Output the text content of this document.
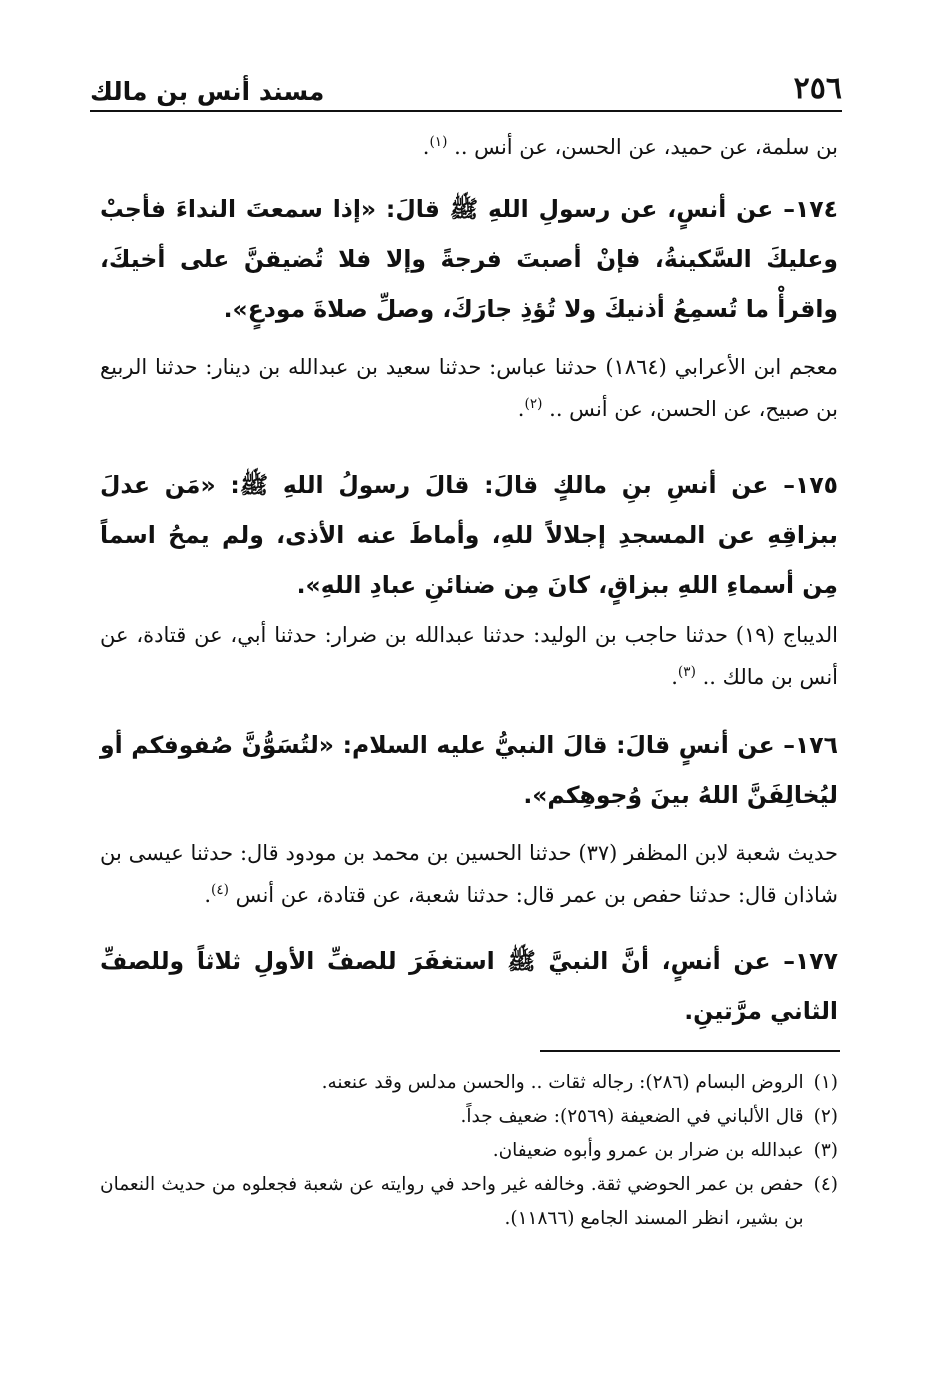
٢٥٦
مسند أنس بن مالك
بن سلمة، عن حميد، عن الحسن، عن أنس .. $^{(١)}$.
١٧٤– عن أنسٍ، عن رسولِ اللهِ ﷺ قالَ: «إذا سمعتَ النداءَ فأجبْ وعليكَ السَّكينةُ، فإنْ أصبتَ فرجةً وإلا فلا تُضيقنَّ على أخيكَ، واقرأْ ما تُسمِعُ أذنيكَ ولا تُؤذِ جارَكَ، وصلِّ صلاةَ مودعٍ».
معجم ابن الأعرابي (١٨٦٤) حدثنا عباس: حدثنا سعيد بن عبدالله بن دينار: حدثنا الربيع بن صبيح، عن الحسن، عن أنس .. $^{(٢)}$.
١٧٥– عن أنسِ بنِ مالكٍ قالَ: قالَ رسولُ اللهِ ﷺ: «مَن عدلَ ببزاقِهِ عن المسجدِ إجلالاً للهِ، وأماطَ عنه الأذى، ولم يمحُ اسماً مِن أسماءِ اللهِ ببزاقٍ، كانَ مِن ضنائنِ عبادِ اللهِ».
الديباج (١٩) حدثنا حاجب بن الوليد: حدثنا عبدالله بن ضرار: حدثنا أبي، عن قتادة، عن أنس بن مالك .. $^{(٣)}$.
١٧٦– عن أنسٍ قالَ: قالَ النبيُّ عليه السلام: «لتُسَوُّنَّ صُفوفكم أو ليُخالِفَنَّ اللهُ بينَ وُجوهِكم».
حديث شعبة لابن المظفر (٣٧) حدثنا الحسين بن محمد بن مودود قال: حدثنا عيسى بن شاذان قال: حدثنا حفص بن عمر قال: حدثنا شعبة، عن قتادة، عن أنس $^{(٤)}$.
١٧٧– عن أنسٍ، أنَّ النبيَّ ﷺ استغفَرَ للصفِّ الأولِ ثلاثاً وللصفِّ الثاني مرَّتينِ.
(١)
الروض البسام (٢٨٦): رجاله ثقات .. والحسن مدلس وقد عنعنه.
(٢)
قال الألباني في الضعيفة (٢٥٦٩): ضعيف جداً.
(٣)
عبدالله بن ضرار بن عمرو وأبوه ضعيفان.
(٤)
حفص بن عمر الحوضي ثقة. وخالفه غير واحد في روايته عن شعبة فجعلوه من حديث النعمان بن بشير، انظر المسند الجامع (١١٨٦٦).
